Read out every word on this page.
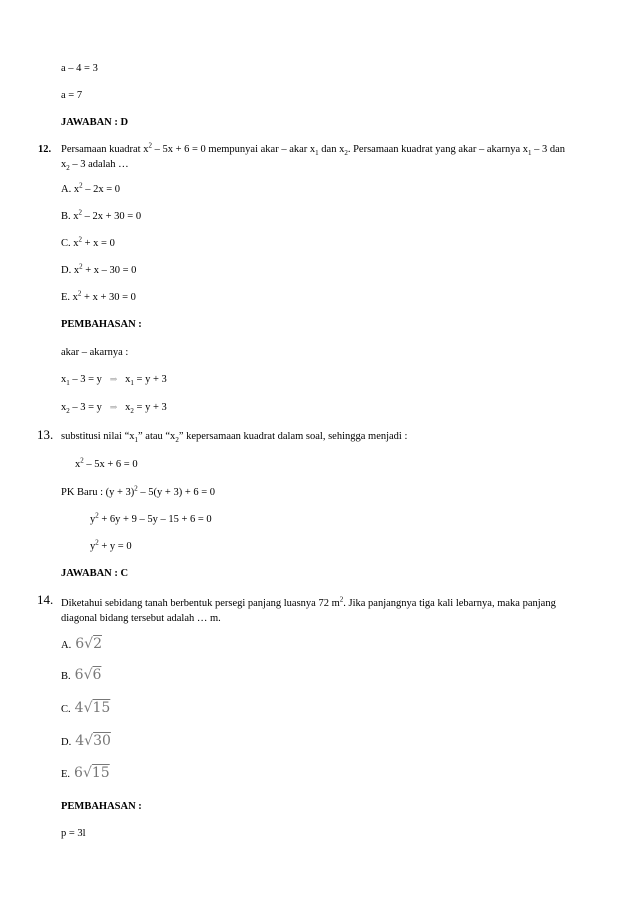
a – 4 = 3
a = 7
JAWABAN : D
12. Persamaan kuadrat $x^2 - 5x + 6 = 0$ mempunyai akar – akar $x_1$ dan $x_2$. Persamaan kuadrat yang akar – akarnya $x_1 - 3$ dan
$x_2 - 3$ adalah …
A. $x^2 - 2x = 0$
B. $x^2 - 2x + 30 = 0$
C. $x^2 + x = 0$
D. $x^2 + x - 30 = 0$
E. $x^2 + x + 30 = 0$
PEMBAHASAN :
akar – akarnya :
$x_1 - 3 = y$ ⇒ $x_1 = y + 3$
$x_2 - 3 = y$ ⇒ $x_2 = y + 3$
13. substitusi nilai “$x_1$” atau “$x_2$” kepersamaan kuadrat dalam soal, sehingga menjadi :
$x^2 - 5x + 6 = 0$
PK Baru : $(y + 3)^2 - 5(y + 3) + 6 = 0$
$y^2 + 6y + 9 - 5y - 15 + 6 = 0$
$y^2 + y = 0$
JAWABAN : C
14. Diketahui sebidang tanah berbentuk persegi panjang luasnya 72 $m^2$. Jika panjangnya tiga kali lebarnya, maka panjang
diagonal bidang tersebut adalah … m.
A. 6√2
B. 6√6
C. 4√15
D. 4√30
E. 6√15
PEMBAHASAN :
p = 3l
